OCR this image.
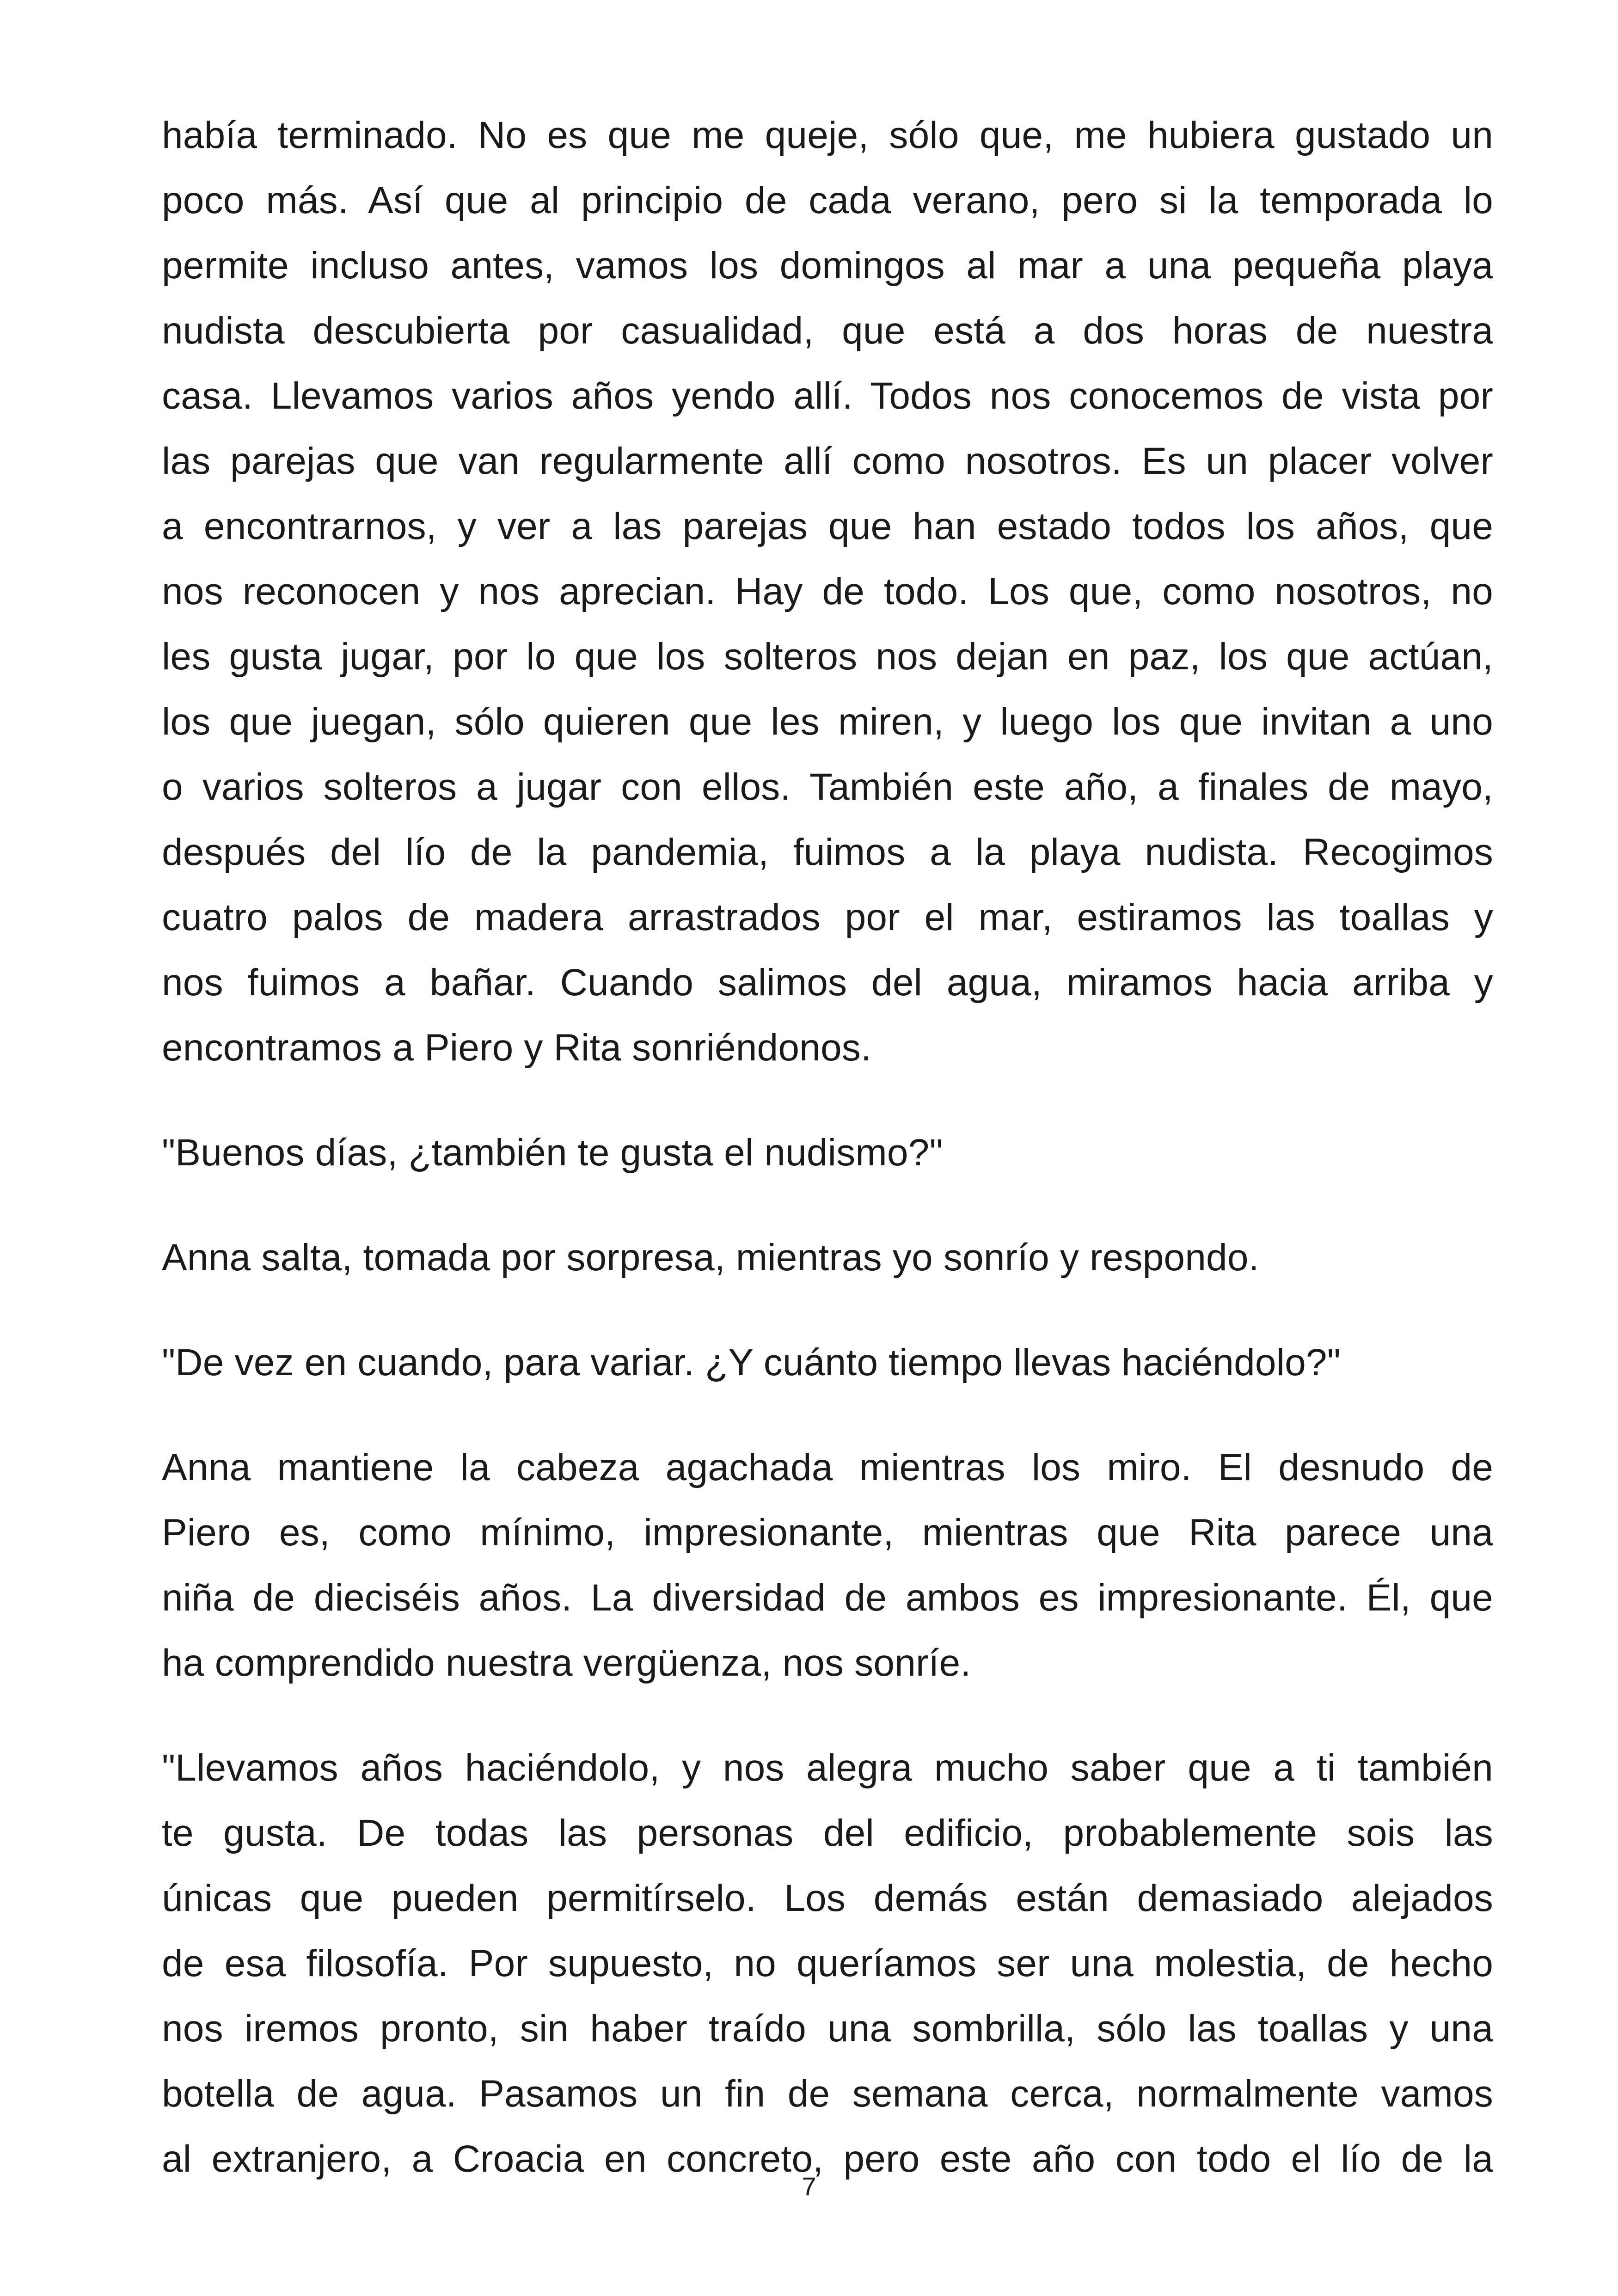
había terminado. No es que me queje, sólo que, me hubiera gustado un
poco más. Así que al principio de cada verano, pero si la temporada lo
permite incluso antes, vamos los domingos al mar a una pequeña playa
nudista descubierta por casualidad, que está a dos horas de nuestra
casa. Llevamos varios años yendo allí. Todos nos conocemos de vista por
las parejas que van regularmente allí como nosotros. Es un placer volver
a encontrarnos, y ver a las parejas que han estado todos los años, que
nos reconocen y nos aprecian. Hay de todo. Los que, como nosotros, no
les gusta jugar, por lo que los solteros nos dejan en paz, los que actúan,
los que juegan, sólo quieren que les miren, y luego los que invitan a uno
o varios solteros a jugar con ellos. También este año, a finales de mayo,
después del lío de la pandemia, fuimos a la playa nudista. Recogimos
cuatro palos de madera arrastrados por el mar, estiramos las toallas y
nos fuimos a bañar. Cuando salimos del agua, miramos hacia arriba y
encontramos a Piero y Rita sonriéndonos.

"Buenos días, ¿también te gusta el nudismo?"

Anna salta, tomada por sorpresa, mientras yo sonrío y respondo.

"De vez en cuando, para variar. ¿Y cuánto tiempo llevas haciéndolo?"

Anna mantiene la cabeza agachada mientras los miro. El desnudo de
Piero es, como mínimo, impresionante, mientras que Rita parece una
niña de dieciséis años. La diversidad de ambos es impresionante. Él, que
ha comprendido nuestra vergüenza, nos sonríe.

"Llevamos años haciéndolo, y nos alegra mucho saber que a ti también
te gusta. De todas las personas del edificio, probablemente sois las
únicas que pueden permitírselo. Los demás están demasiado alejados
de esa filosofía. Por supuesto, no queríamos ser una molestia, de hecho
nos iremos pronto, sin haber traído una sombrilla, sólo las toallas y una
botella de agua. Pasamos un fin de semana cerca, normalmente vamos
al extranjero, a Croacia en concreto, pero este año con todo el lío de la

7
